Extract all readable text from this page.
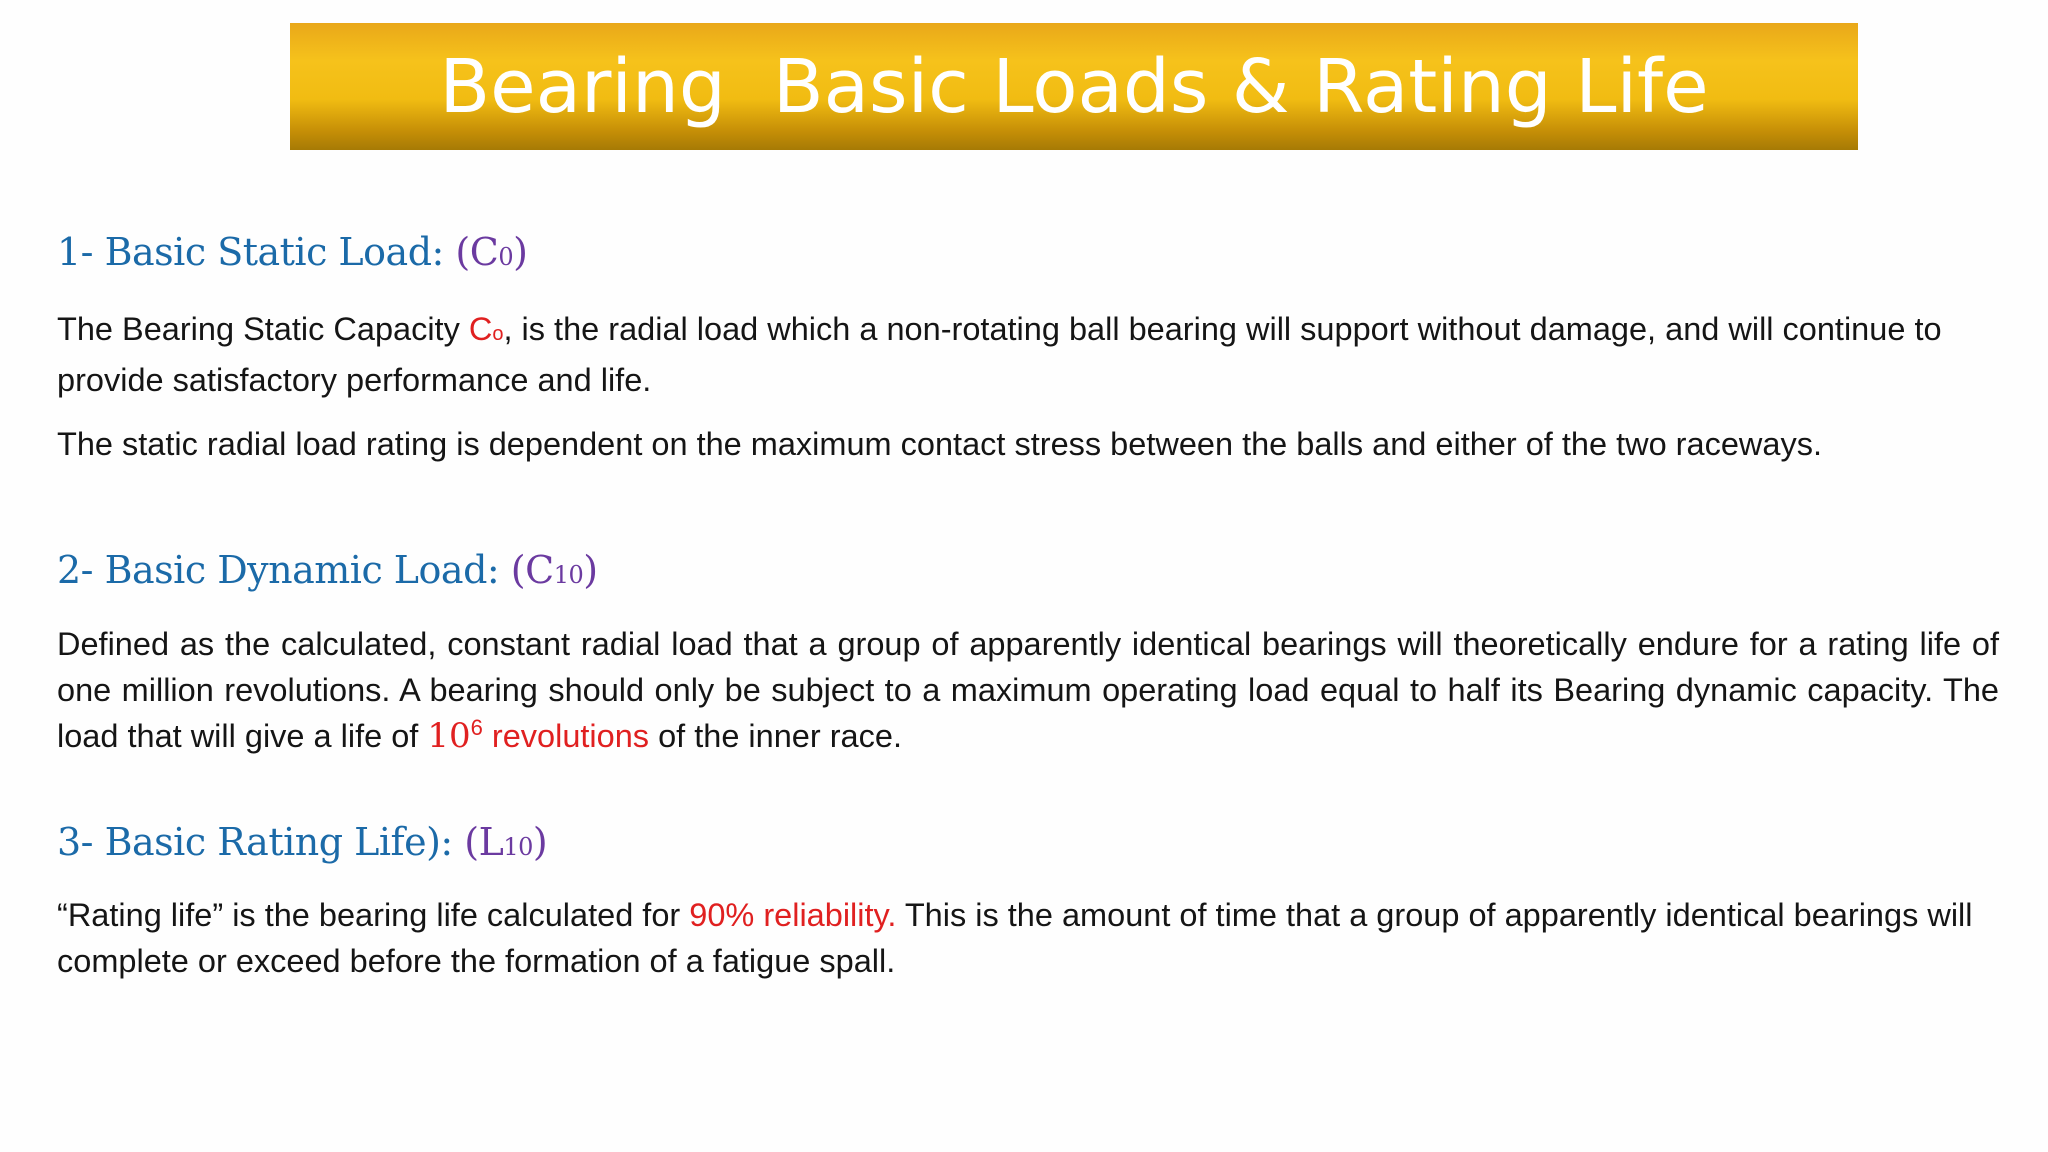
Bearing  Basic Loads & Rating Life
1- Basic Static Load: (C0)
The Bearing Static Capacity Co, is the radial load which a non-rotating ball bearing will support without damage, and will continue to provide satisfactory performance and life.
The static radial load rating is dependent on the maximum contact stress between the balls and either of the two raceways.
2- Basic Dynamic Load: (C10)
Defined as the calculated, constant radial load that a group of apparently identical bearings will theoretically endure for a rating life of one million revolutions. A bearing should only be subject to a maximum operating load equal to half its Bearing dynamic capacity. The load that will give a life of $10^6$ revolutions of the inner race.
3- Basic Rating Life): (L10)
“Rating life” is the bearing life calculated for 90% reliability. This is the amount of time that a group of apparently identical bearings will complete or exceed before the formation of a fatigue spall.
